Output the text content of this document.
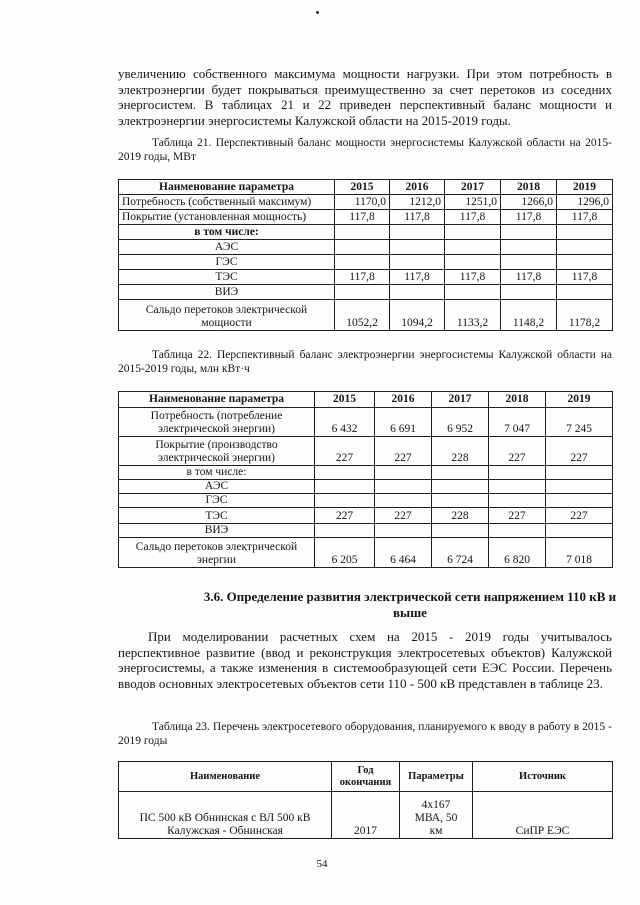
увеличению собственного максимума мощности нагрузки. При этом потребность в электроэнергии будет покрываться преимущественно за счет перетоков из соседних энергосистем. В таблицах 21 и 22 приведен перспективный баланс мощности и электроэнергии энергосистемы Калужской области на 2015-2019 годы.

Таблица 21. Перспективный баланс мощности энергосистемы Калужской области на 2015-2019 годы, МВт

Наименование параметра	2015	2016	2017	2018	2019
Потребность (собственный максимум)	1170,0	1212,0	1251,0	1266,0	1296,0
Покрытие (установленная мощность)	117,8	117,8	117,8	117,8	117,8
в том числе:					
АЭС					
ГЭС					
ТЭС	117,8	117,8	117,8	117,8	117,8
ВИЭ					
Сальдо перетоков электрической мощности	1052,2	1094,2	1133,2	1148,2	1178,2

Таблица 22. Перспективный баланс электроэнергии энергосистемы Калужской области на 2015-2019 годы, млн кВт·ч

Наименование параметра	2015	2016	2017	2018	2019
Потребность (потребление электрической энергии)	6 432	6 691	6 952	7 047	7 245
Покрытие (производство электрической энергии)	227	227	228	227	227
в том числе:					
АЭС					
ГЭС					
ТЭС	227	227	228	227	227
ВИЭ					
Сальдо перетоков электрической энергии	6 205	6 464	6 724	6 820	7 018

3.6. Определение развития электрической сети напряжением 110 кВ и выше

При моделировании расчетных схем на 2015 - 2019 годы учитывалось перспективное развитие (ввод и реконструкция электросетевых объектов) Калужской энергосистемы, а также изменения в системообразующей сети ЕЭС России. Перечень вводов основных электросетевых объектов сети 110 - 500 кВ представлен в таблице 23.

Таблица 23. Перечень электросетевого оборудования, планируемого к вводу в работу в 2015 - 2019 годы

Наименование	Год окончания	Параметры	Источник
ПС 500 кВ Обнинская с ВЛ 500 кВ Калужская - Обнинская	2017	4х167 МВА, 50 км	СиПР ЕЭС
54
